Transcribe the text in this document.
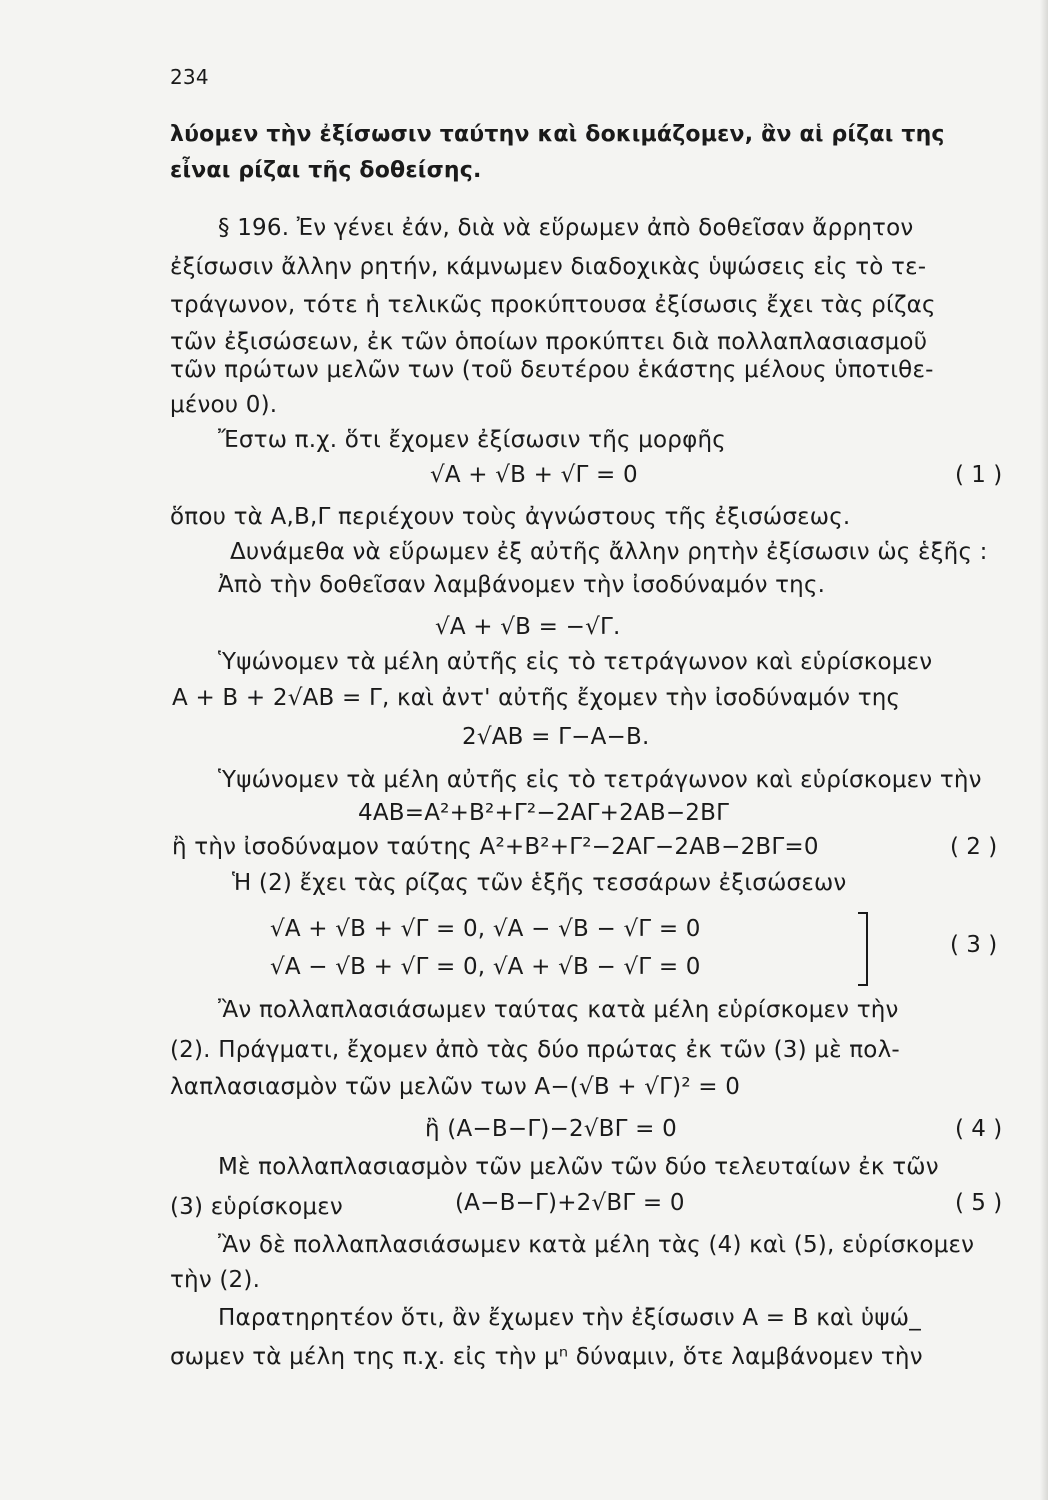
234
λύομεν τὴν ἐξίσωσιν ταύτην καὶ δοκιμάζομεν, ἂν αἱ ρίζαι της
εἶναι ρίζαι τῆς δοθείσης.
§ 196. Ἐν γένει ἐάν, διὰ νὰ εὕρωμεν ἀπὸ δοθεῖσαν ἄρρητον
ἐξίσωσιν ἄλλην ρητήν, κάμνωμεν διαδοχικὰς ὑψώσεις εἰς τὸ τε-
τράγωνον, τότε ἡ τελικῶς προκύπτουσα ἐξίσωσις ἔχει τὰς ρίζας
τῶν ἐξισώσεων, ἐκ τῶν ὁποίων προκύπτει διὰ πολλαπλασιασμοῦ
τῶν πρώτων μελῶν των (τοῦ δευτέρου ἑκάστης μέλους ὑποτιθε-
μένου 0).
Ἔστω π.χ. ὅτι ἔχομεν ἐξίσωσιν τῆς μορφῆς
√A + √B + √Γ = 0	( 1 )
ὅπου τὰ Α,Β,Γ περιέχουν τοὺς ἀγνώστους τῆς ἐξισώσεως.
Δυνάμεθα νὰ εὕρωμεν ἐξ αὐτῆς ἄλλην ρητὴν ἐξίσωσιν ὡς ἑξῆς :
Ἀπὸ τὴν δοθεῖσαν λαμβάνομεν τὴν ἰσοδύναμόν της.
√A + √B = −√Γ.
Ὑψώνομεν τὰ μέλη αὐτῆς εἰς τὸ τετράγωνον καὶ εὑρίσκομεν
A + B + 2√AB = Γ, καὶ ἀντ' αὐτῆς ἔχομεν τὴν ἰσοδύναμόν της
2√AB = Γ−A−B.
Ὑψώνομεν τὰ μέλη αὐτῆς εἰς τὸ τετράγωνον καὶ εὑρίσκομεν τὴν
4AB=A²+B²+Γ²−2AΓ+2AB−2BΓ
ἢ τὴν ἰσοδύναμον ταύτης A²+B²+Γ²−2AΓ−2AB−2BΓ=0	( 2 )
Ἡ (2) ἔχει τὰς ρίζας τῶν ἑξῆς τεσσάρων ἐξισώσεων
√A + √B + √Γ = 0, √A − √B − √Γ = 0
√A − √B + √Γ = 0, √A + √B − √Γ = 0
( 3 )
Ἂν πολλαπλασιάσωμεν ταύτας κατὰ μέλη εὑρίσκομεν τὴν
(2). Πράγματι, ἔχομεν ἀπὸ τὰς δύο πρώτας ἐκ τῶν (3) μὲ πολ-
λαπλασιασμὸν τῶν μελῶν των A−(√B + √Γ)² = 0
ἢ (A−B−Γ)−2√BΓ = 0	( 4 )
Μὲ πολλαπλασιασμὸν τῶν μελῶν τῶν δύο τελευταίων ἐκ τῶν
(3) εὑρίσκομεν	(A−B−Γ)+2√BΓ = 0	( 5 )
Ἂν δὲ πολλαπλασιάσωμεν κατὰ μέλη τὰς (4) καὶ (5), εὑρίσκομεν
τὴν (2).
Παρατηρητέον ὅτι, ἂν ἔχωμεν τὴν ἐξίσωσιν A = B καὶ ὑψώ_
σωμεν τὰ μέλη της π.χ. εἰς τὴν μⁿ δύναμιν, ὅτε λαμβάνομεν τὴν
